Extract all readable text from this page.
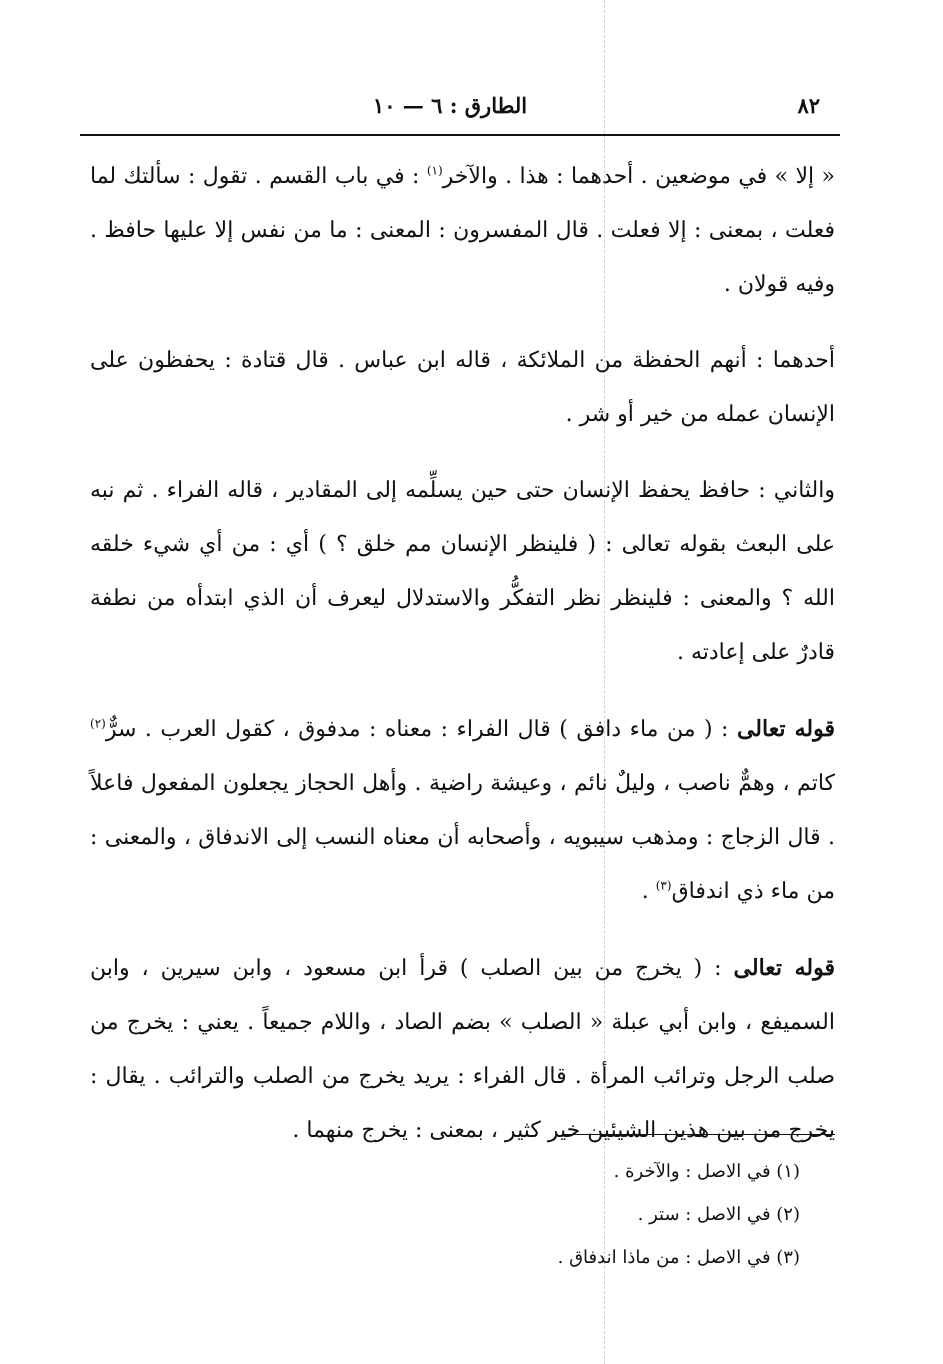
٨٢
الطارق : ٦ — ١٠

« إلا » في موضعين . أحدهما : هذا . والآخر$^{(١)}$ : في باب القسم . تقول : سألتك لما فعلت ، بمعنى : إلا فعلت . قال المفسرون : المعنى : ما من نفس إلا عليها حافظ . وفيه قولان .

أحدهما : أنهم الحفظة من الملائكة ، قاله ابن عباس . قال قتادة : يحفظون على الإنسان عمله من خير أو شر .

والثاني : حافظ يحفظ الإنسان حتى حين يسلِّمه إلى المقادير ، قاله الفراء . ثم نبه على البعث بقوله تعالى : ( فلينظر الإنسان مم خلق ؟ ) أي : من أي شيء خلقه الله ؟ والمعنى : فلينظر نظر التفكُّر والاستدلال ليعرف أن الذي ابتدأه من نطفة قادرٌ على إعادته .

قوله تعالى : ( من ماء دافق ) قال الفراء : معناه : مدفوق ، كقول العرب . سرٌّ$^{(٢)}$ كاتم ، وهمٌّ ناصب ، وليلٌ نائم ، وعيشة راضية . وأهل الحجاز يجعلون المفعول فاعلاً . قال الزجاج : ومذهب سيبويه ، وأصحابه أن معناه النسب إلى الاندفاق ، والمعنى : من ماء ذي اندفاق$^{(٣)}$ .

قوله تعالى : ( يخرج من بين الصلب ) قرأ ابن مسعود ، وابن سيرين ، وابن السميفع ، وابن أبي عبلة « الصلب » بضم الصاد ، واللام جميعاً . يعني : يخرج من صلب الرجل وترائب المرأة . قال الفراء : يريد يخرج من الصلب والترائب . يقال : يخرج من بين هذين الشيئين خير كثير ، بمعنى : يخرج منهما .

(١) في الاصل : والآخرة .
(٢) في الاصل : ستر .
(٣) في الاصل : من ماذا اندفاق .
